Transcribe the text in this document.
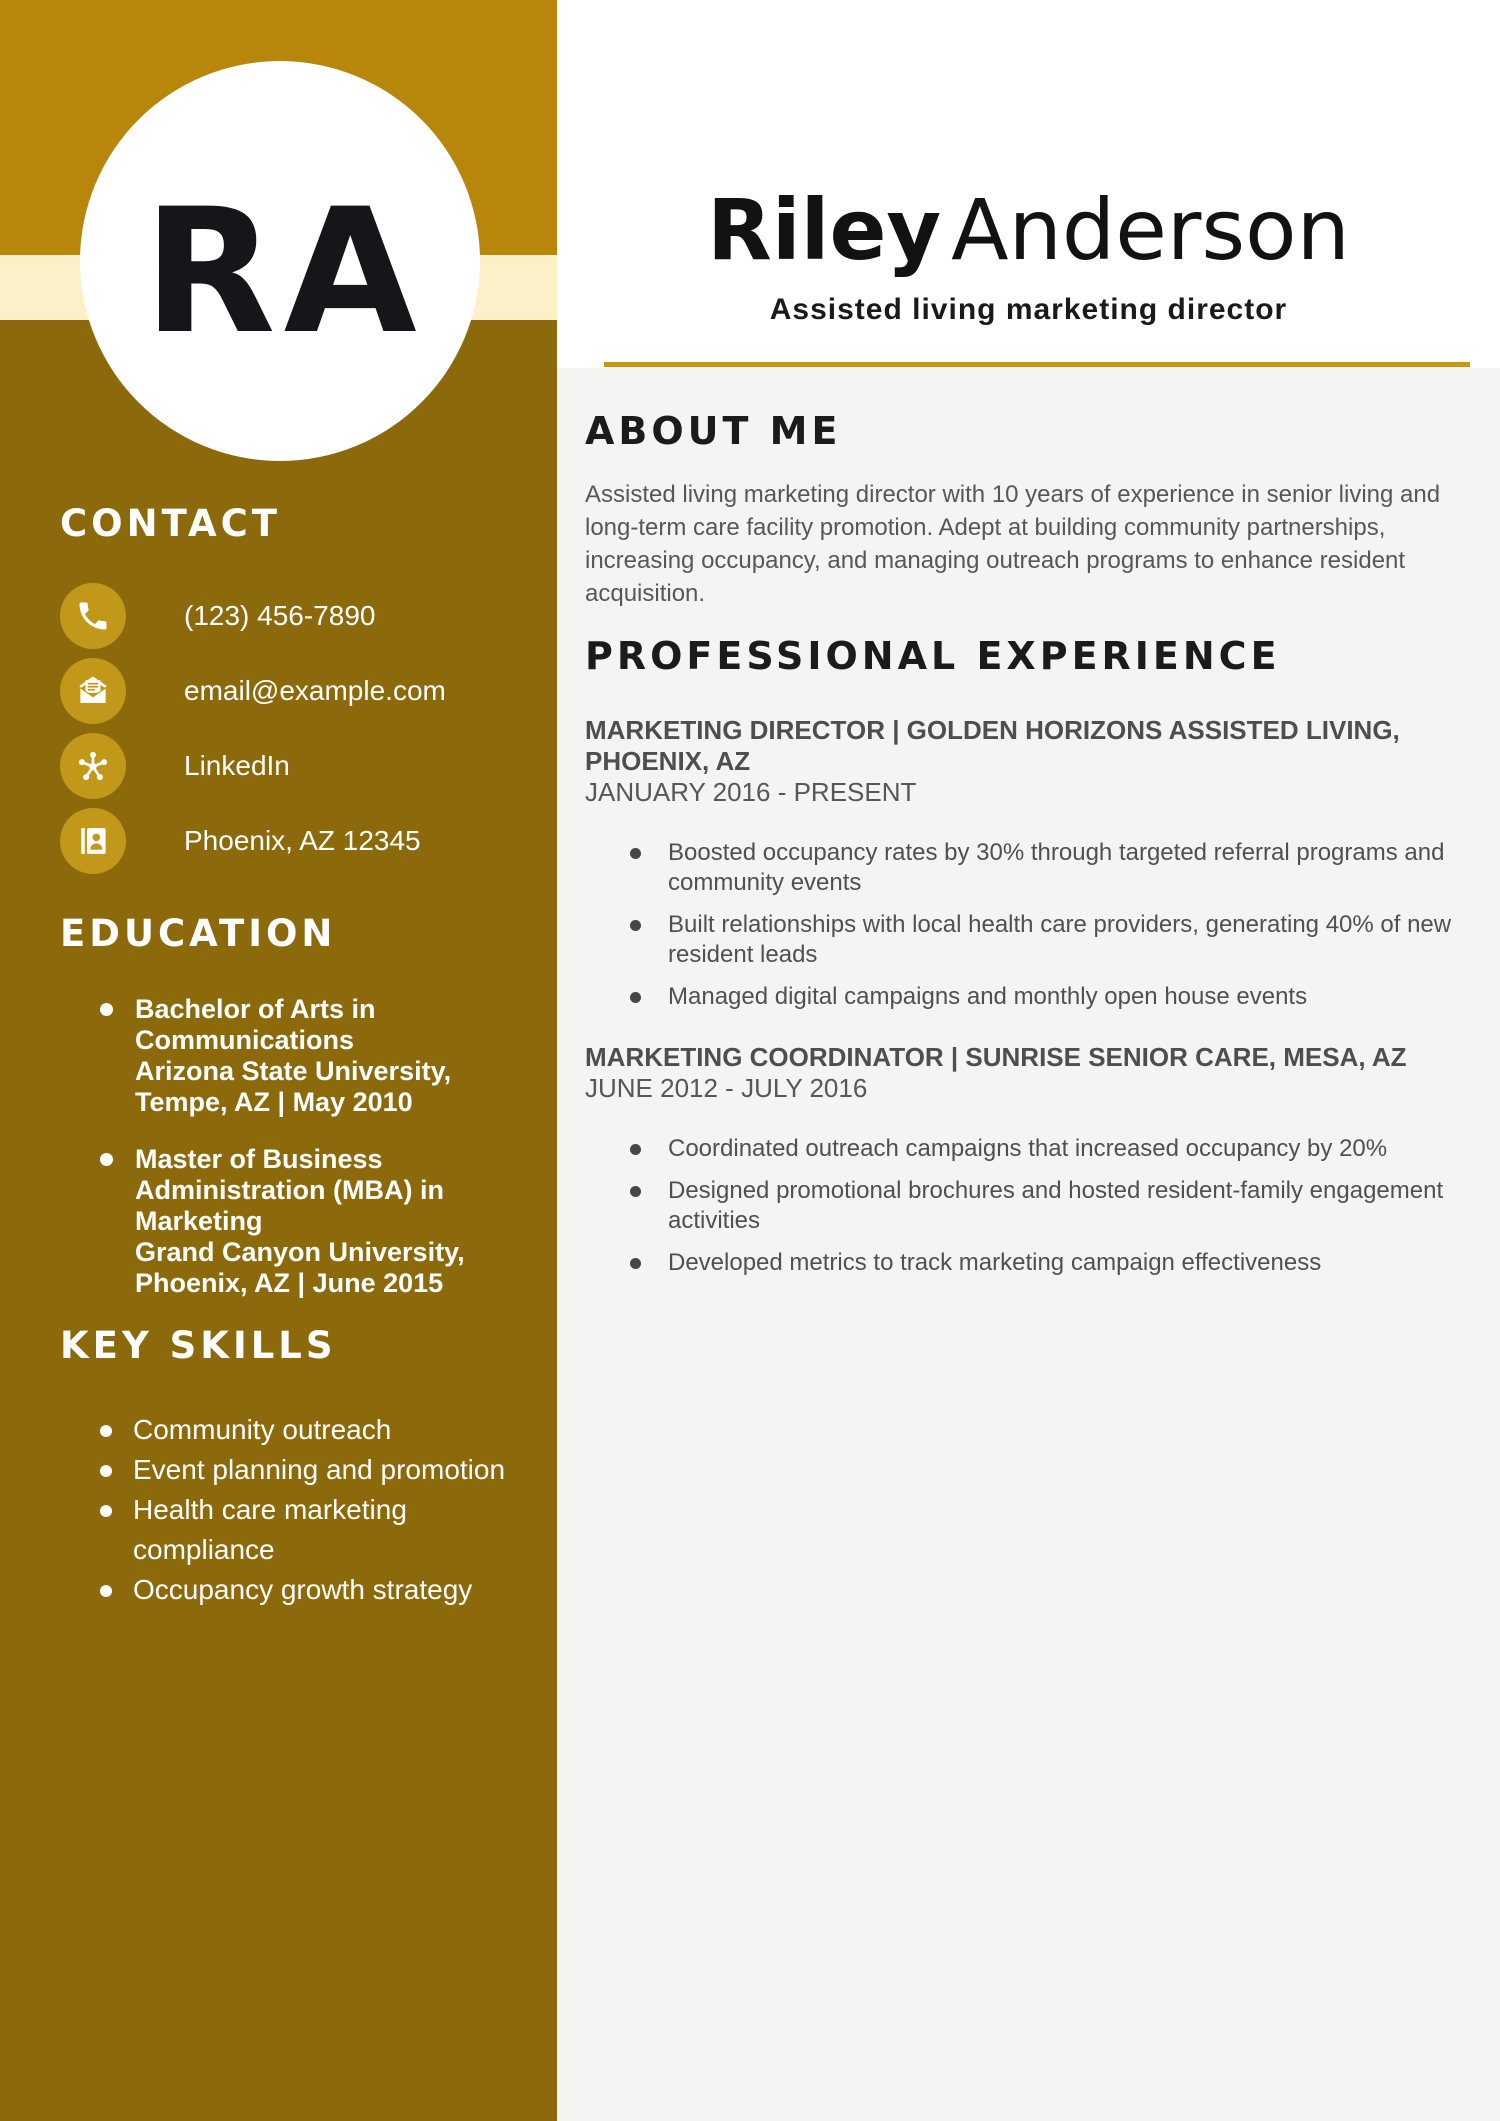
RA
CONTACT
(123) 456-7890
email@example.com
LinkedIn
Phoenix, AZ 12345
EDUCATION
Bachelor of Arts in Communications
Arizona State University, Tempe, AZ | May 2010
Master of Business Administration (MBA) in Marketing
Grand Canyon University, Phoenix, AZ | June 2015
KEY SKILLS
Community outreach
Event planning and promotion
Health care marketing compliance
Occupancy growth strategy
Riley Anderson
Assisted living marketing director
ABOUT ME

Assisted living marketing director with 10 years of experience in senior living and long-term care facility promotion. Adept at building community partnerships, increasing occupancy, and managing outreach programs to enhance resident acquisition.

PROFESSIONAL EXPERIENCE
MARKETING DIRECTOR | GOLDEN HORIZONS ASSISTED LIVING, PHOENIX, AZ
JANUARY 2016 - PRESENT
Boosted occupancy rates by 30% through targeted referral programs and community events
Built relationships with local health care providers, generating 40% of new resident leads
Managed digital campaigns and monthly open house events
MARKETING COORDINATOR | SUNRISE SENIOR CARE, MESA, AZ
JUNE 2012 - JULY 2016
Coordinated outreach campaigns that increased occupancy by 20%
Designed promotional brochures and hosted resident-family engagement activities
Developed metrics to track marketing campaign effectiveness
